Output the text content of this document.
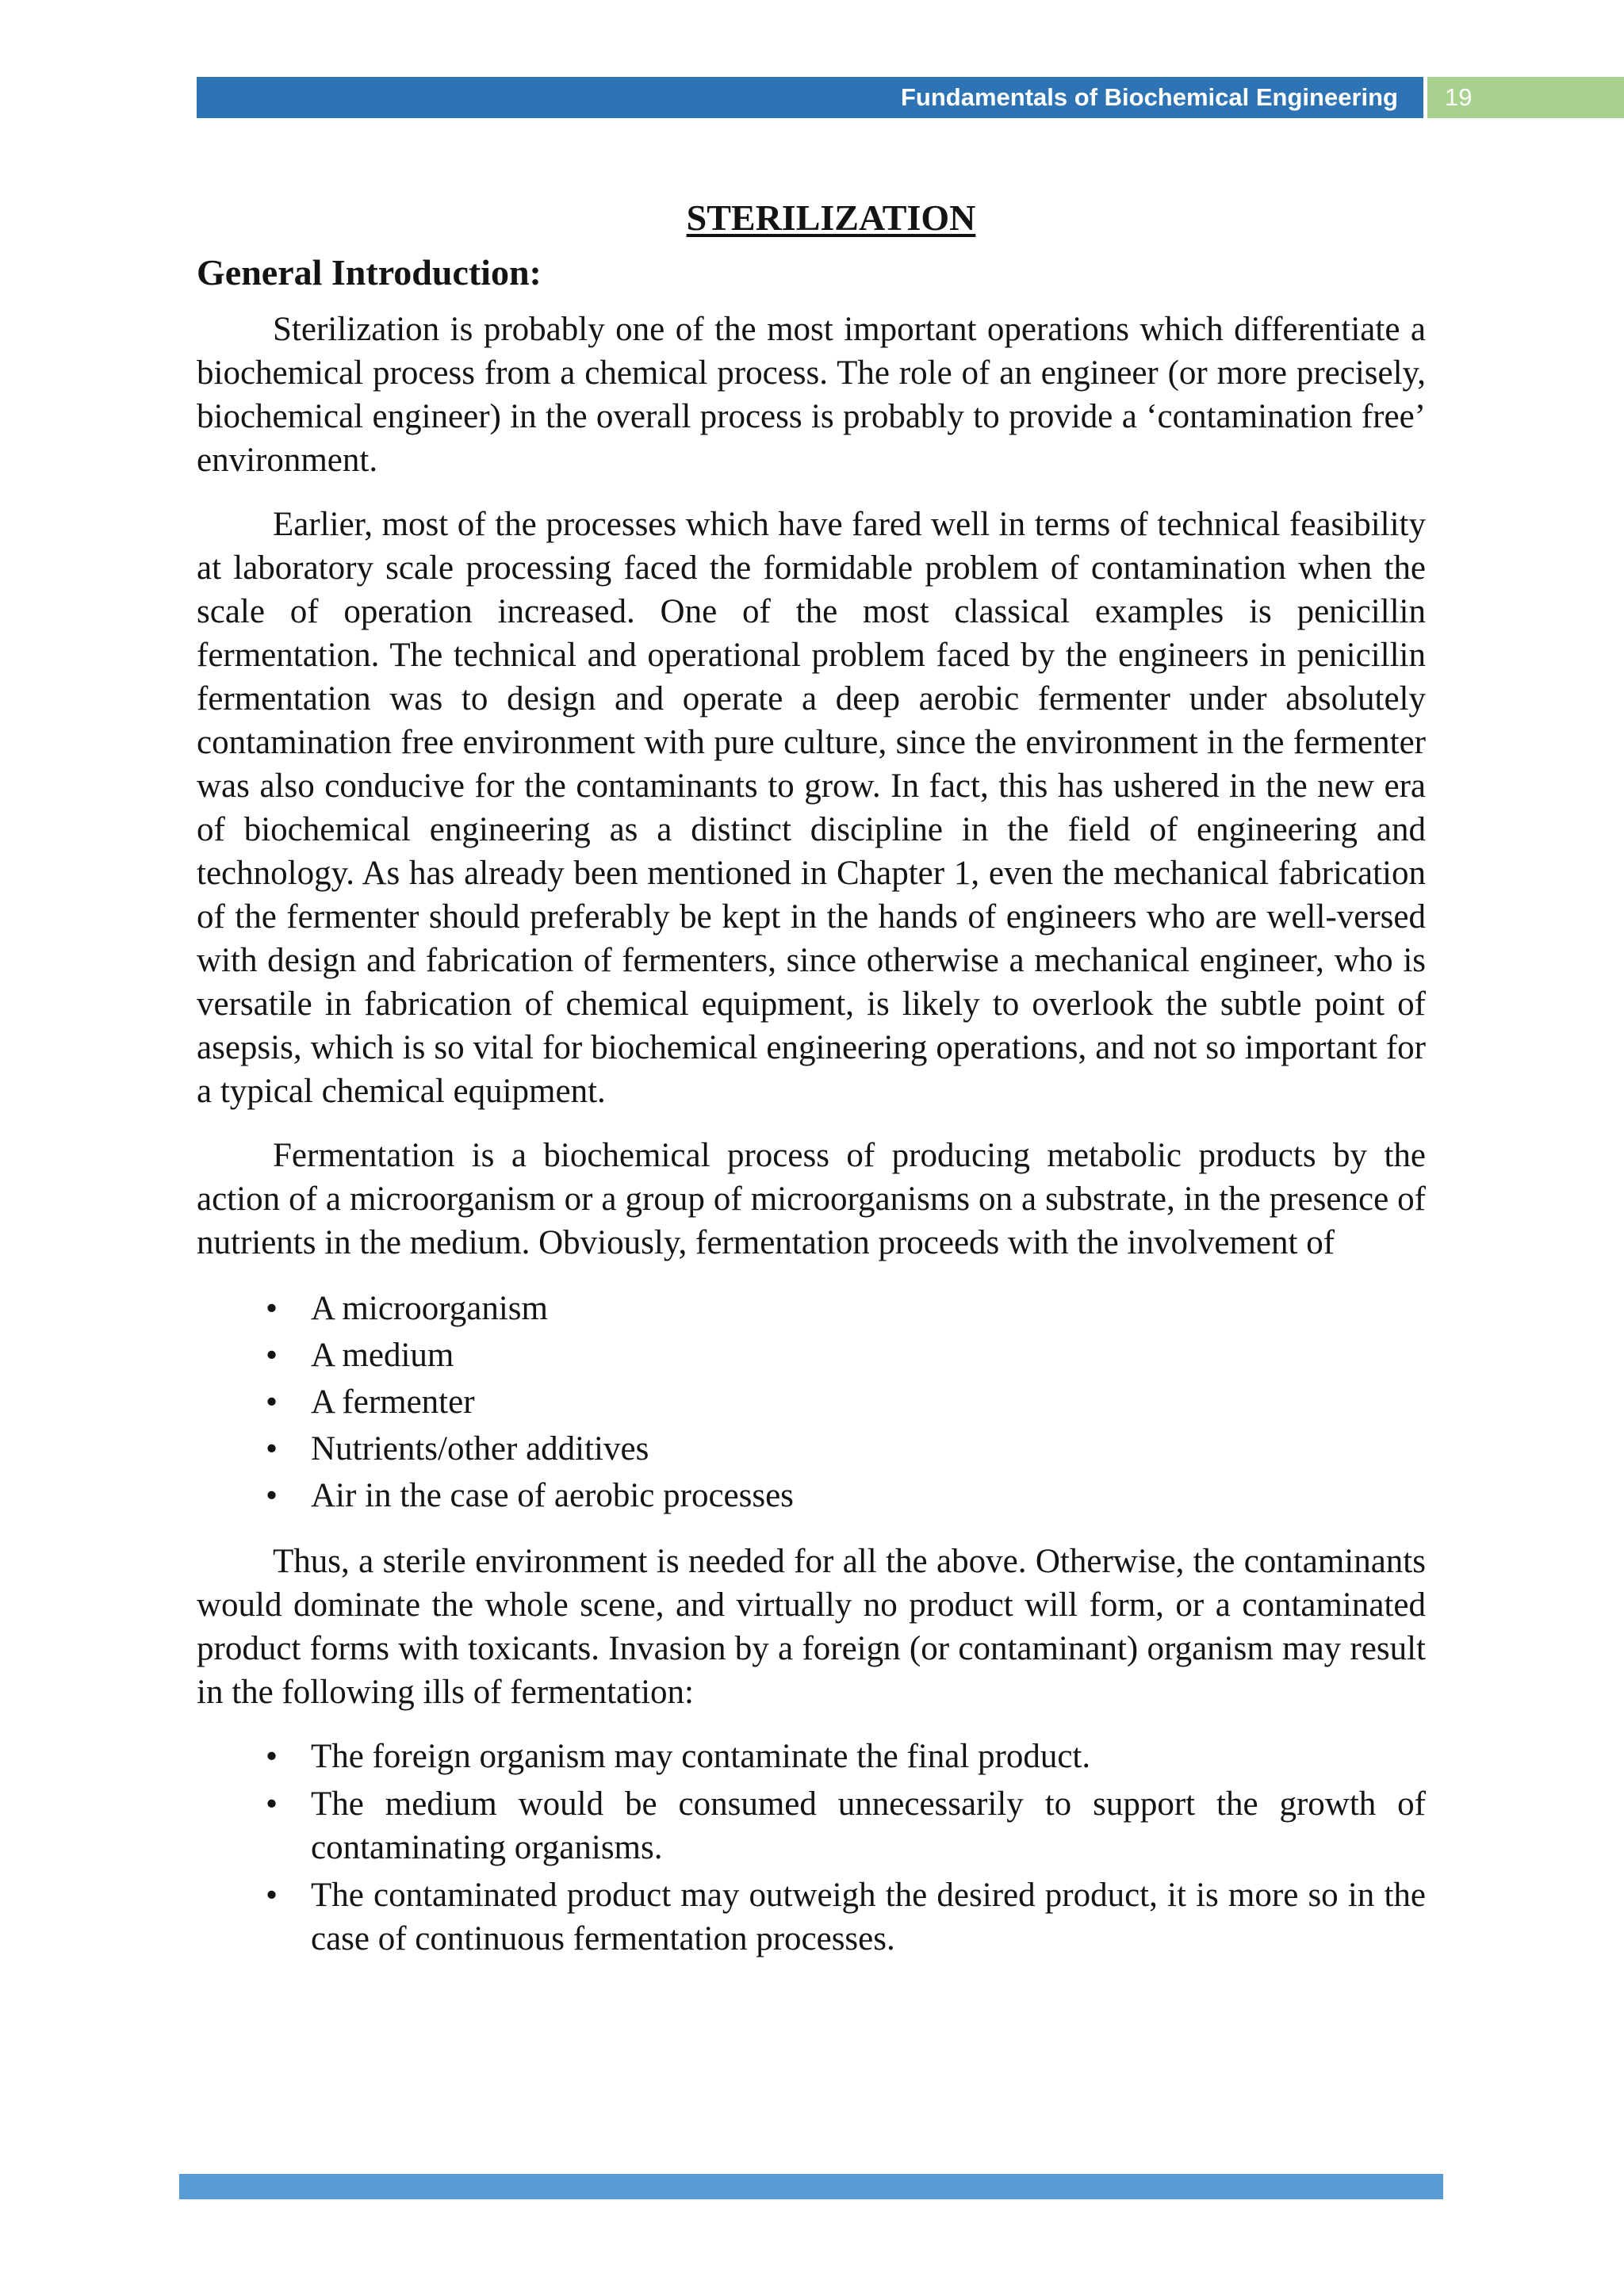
Fundamentals of Biochemical Engineering 19
STERILIZATION
General Introduction:

Sterilization is probably one of the most important operations which differentiate a biochemical process from a chemical process. The role of an engineer (or more precisely, biochemical engineer) in the overall process is probably to provide a ‘contamination free’ environment.

Earlier, most of the processes which have fared well in terms of technical feasibility at laboratory scale processing faced the formidable problem of contamination when the scale of operation increased. One of the most classical examples is penicillin fermentation. The technical and operational problem faced by the engineers in penicillin fermentation was to design and operate a deep aerobic fermenter under absolutely contamination free environment with pure culture, since the environment in the fermenter was also conducive for the contaminants to grow. In fact, this has ushered in the new era of biochemical engineering as a distinct discipline in the field of engineering and technology. As has already been mentioned in Chapter 1, even the mechanical fabrication of the fermenter should preferably be kept in the hands of engineers who are well-versed with design and fabrication of fermenters, since otherwise a mechanical engineer, who is versatile in fabrication of chemical equipment, is likely to overlook the subtle point of asepsis, which is so vital for biochemical engineering operations, and not so important for a typical chemical equipment.

Fermentation is a biochemical process of producing metabolic products by the action of a microorganism or a group of microorganisms on a substrate, in the presence of nutrients in the medium. Obviously, fermentation proceeds with the involvement of

• A microorganism
• A medium
• A fermenter
• Nutrients/other additives
• Air in the case of aerobic processes

Thus, a sterile environment is needed for all the above. Otherwise, the contaminants would dominate the whole scene, and virtually no product will form, or a contaminated product forms with toxicants. Invasion by a foreign (or contaminant) organism may result in the following ills of fermentation:

• The foreign organism may contaminate the final product.
• The medium would be consumed unnecessarily to support the growth of contaminating organisms.
• The contaminated product may outweigh the desired product, it is more so in the case of continuous fermentation processes.
